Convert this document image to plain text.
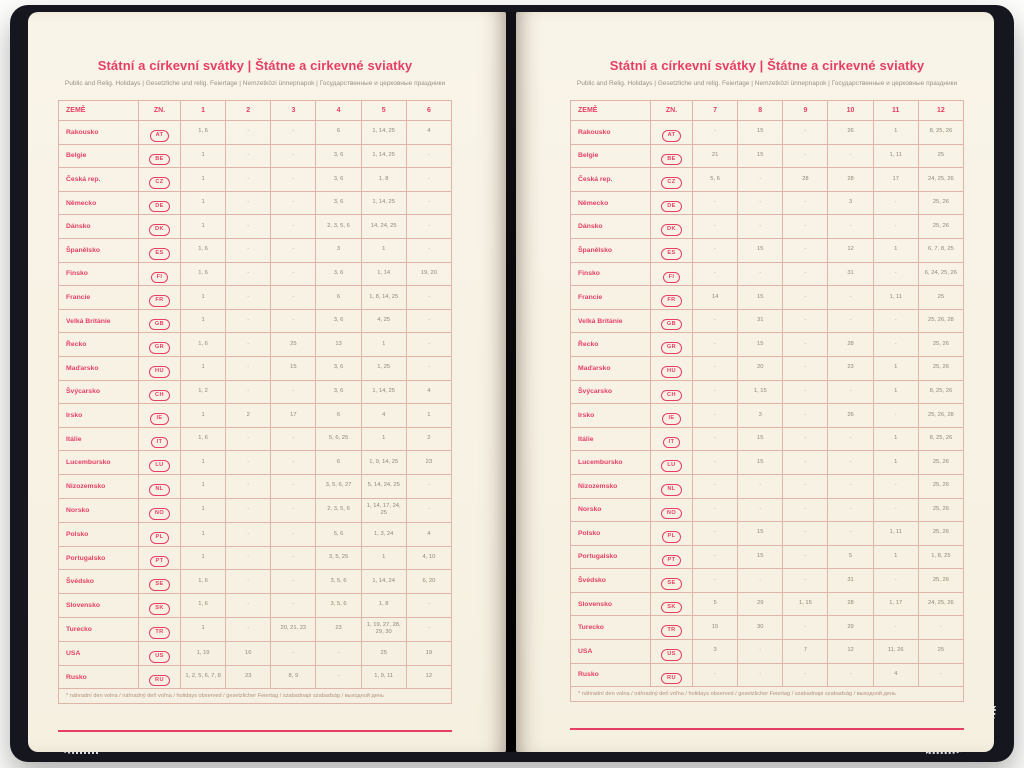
Státní a církevní svátky | Štátne a cirkevné sviatky

Public and Relig. Holidays | Gesetzliche und relig. Feiertage | Nemzetközi ünnepnapok | Государственные и церковные праздники

ZEMĚ	ZN.	1	2	3	4	5	6
Rakousko	AT	1, 6	-	-	6	1, 14, 25	4
Belgie	BE	1	-	-	3, 6	1, 14, 25	-
Česká rep.	CZ	1	-	-	3, 6	1, 8	-
Německo	DE	1	-	-	3, 6	1, 14, 25	-
Dánsko	DK	1	-	-	2, 3, 5, 6	14, 24, 25	-
Španělsko	ES	1, 6	-	-	3	1	-
Finsko	FI	1, 6	-	-	3, 6	1, 14	19, 20
Francie	FR	1	-	-	6	1, 8, 14, 25	-
Velká Británie	GB	1	-	-	3, 6	4, 25	-
Řecko	GR	1, 6	-	25	13	1	-
Maďarsko	HU	1	-	15	3, 6	1, 25	-
Švýcarsko	CH	1, 2	-	-	3, 6	1, 14, 25	4
Irsko	IE	1	2	17	6	4	1
Itálie	IT	1, 6	-	-	5, 6, 25	1	2
Lucembursko	LU	1	-	-	6	1, 9, 14, 25	23
Nizozemsko	NL	1	-	-	3, 5, 6, 27	5, 14, 24, 25	-
Norsko	NO	1	-	-	2, 3, 5, 6	1, 14, 17, 24, 25	-
Polsko	PL	1	-	-	5, 6	1, 3, 24	4
Portugalsko	PT	1	-	-	3, 5, 25	1	4, 10
Švédsko	SE	1, 6	-	-	3, 5, 6	1, 14, 24	6, 20
Slovensko	SK	1, 6	-	-	3, 5, 6	1, 8	-
Turecko	TR	1	-	20, 21, 22	23	1, 19, 27, 28, 29, 30	-
USA	US	1, 19	16	-	-	25	19
Rusko	RU	1, 2, 5, 6, 7, 8	23	8, 9	-	1, 9, 11	12
* náhradní den volna / náhradný deň voľna / holidays observed / gesetzlicher Feiertag / szabadnapi szabadság / выходной день							
Státní a církevní svátky | Štátne a cirkevné sviatky

Public and Relig. Holidays | Gesetzliche und relig. Feiertage | Nemzetközi ünnepnapok | Государственные и церковные праздники

ZEMĚ	ZN.	7	8	9	10	11	12
Rakousko	AT	-	15	-	26	1	8, 25, 26
Belgie	BE	21	15	-	-	1, 11	25
Česká rep.	CZ	5, 6	-	28	28	17	24, 25, 26
Německo	DE	-	-	-	3	-	25, 26
Dánsko	DK	-	-	-	-	-	25, 26
Španělsko	ES	-	15	-	12	1	6, 7, 8, 25
Finsko	FI	-	-	-	31	-	6, 24, 25, 26
Francie	FR	14	15	-	-	1, 11	25
Velká Británie	GB	-	31	-	-	-	25, 26, 28
Řecko	GR	-	15	-	28	-	25, 26
Maďarsko	HU	-	20	-	23	1	25, 26
Švýcarsko	CH	-	1, 15	-	-	1	8, 25, 26
Irsko	IE	-	3	-	26	-	25, 26, 28
Itálie	IT	-	15	-	-	1	8, 25, 26
Lucembursko	LU	-	15	-	-	1	25, 26
Nizozemsko	NL	-	-	-	-	-	25, 26
Norsko	NO	-	-	-	-	-	25, 26
Polsko	PL	-	15	-	-	1, 11	25, 26
Portugalsko	PT	-	15	-	5	1	1, 8, 25
Švédsko	SE	-	-	-	31	-	25, 26
Slovensko	SK	5	29	1, 15	28	1, 17	24, 25, 26
Turecko	TR	15	30	-	29	-	-
USA	US	3	-	7	12	11, 26	25
Rusko	RU	-	-	-	-	4	-
* náhradní den volna / náhradný deň voľna / holidays observed / gesetzlicher Feiertag / szabadnapi szabadság / выходной день							
